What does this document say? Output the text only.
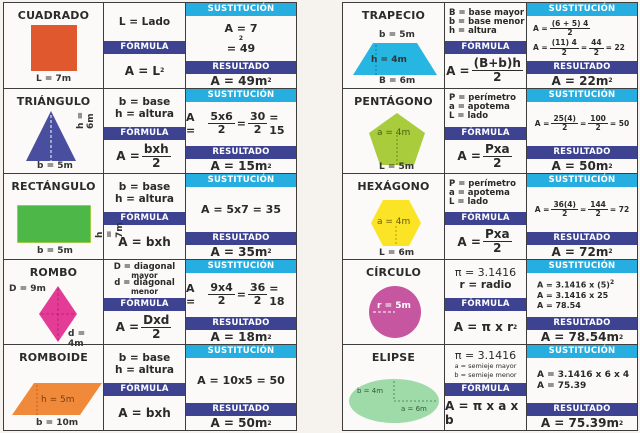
CUADRADO
L = 7m
L = Lado
FÓRMULA
A = L 2
SUSTITUCIÓN
A = 7
2
= 49
RESULTADO
A = 49m 2
TRIÁNGULO
h = 6m
b = 5m
b = base
h = altura
FÓRMULA
$A = \frac{\text{bxh}}{2}$
SUSTITUCIÓN
A =	$\frac{5x6}{2} = \frac{30}{2} = 15$
RESULTADO
A = 15m 2
RECTÁNGULO
h = 7m
b = 5m
b = base
h = altura
FÓRMULA
A = bxh
SUSTITUCIÓN
A = 5x7 = 35
RESULTADO
A = 35m 2
ROMBO
D = 9m
d = 4m
D = diagonal
mayor
d = diagonal
menor
FÓRMULA
$A = \frac{\text{Dxd}}{2}$
SUSTITUCIÓN
A =	$\frac{9x4}{2} = \frac{36}{2} = 18$
RESULTADO
A = 18m 2
ROMBOIDE
h = 5m
b = 10m
b = base
h = altura
FÓRMULA
A = bxh
SUSTITUCIÓN
A = 10x5 = 50
RESULTADO
A = 50m 2
TRAPECIO
b = 5m
h = 4m
B = 6m
B = base mayor
b = base menor
h = altura
FÓRMULA
$A = \frac{(B+b)h}{2}$
SUSTITUCIÓN
$A = \frac{(6 + 5) 4}{2}$
$A = \frac{(11) 4}{2} = \frac{44}{2} = 22$
RESULTADO
A = 22m 2
PENTÁGONO
a = 4m
L = 5m
P = perímetro
a = apotema
L = lado
FÓRMULA
$A = \frac{\text{Pxa}}{2}$
SUSTITUCIÓN
$A = \frac{25(4)}{2} = \frac{100}{2} = 50$
RESULTADO
A = 50m 2
HEXÁGONO
a = 4m
L = 6m
P = perímetro
a = apotema
L = lado
FÓRMULA
$A = \frac{\text{Pxa}}{2}$
SUSTITUCIÓN
$A = \frac{36(4)}{2} = \frac{144}{2} = 72$
RESULTADO
A = 72m 2
CÍRCULO
r = 5m
π = 3.1416
r = radio
FÓRMULA
A = π x r 2
SUSTITUCIÓN
A = 3.1416 x $(5)^2$
A = 3.1416 x 25
A = 78.54
RESULTADO
A = 78.54m 2
ELIPSE
b = 4m
a = 6m
π = 3.1416
a = semieje mayor
b = semieje menor
FÓRMULA
A = π x a x b
SUSTITUCIÓN
A = 3.1416 x 6 x 4
A = 75.39
RESULTADO
A = 75.39m 2
